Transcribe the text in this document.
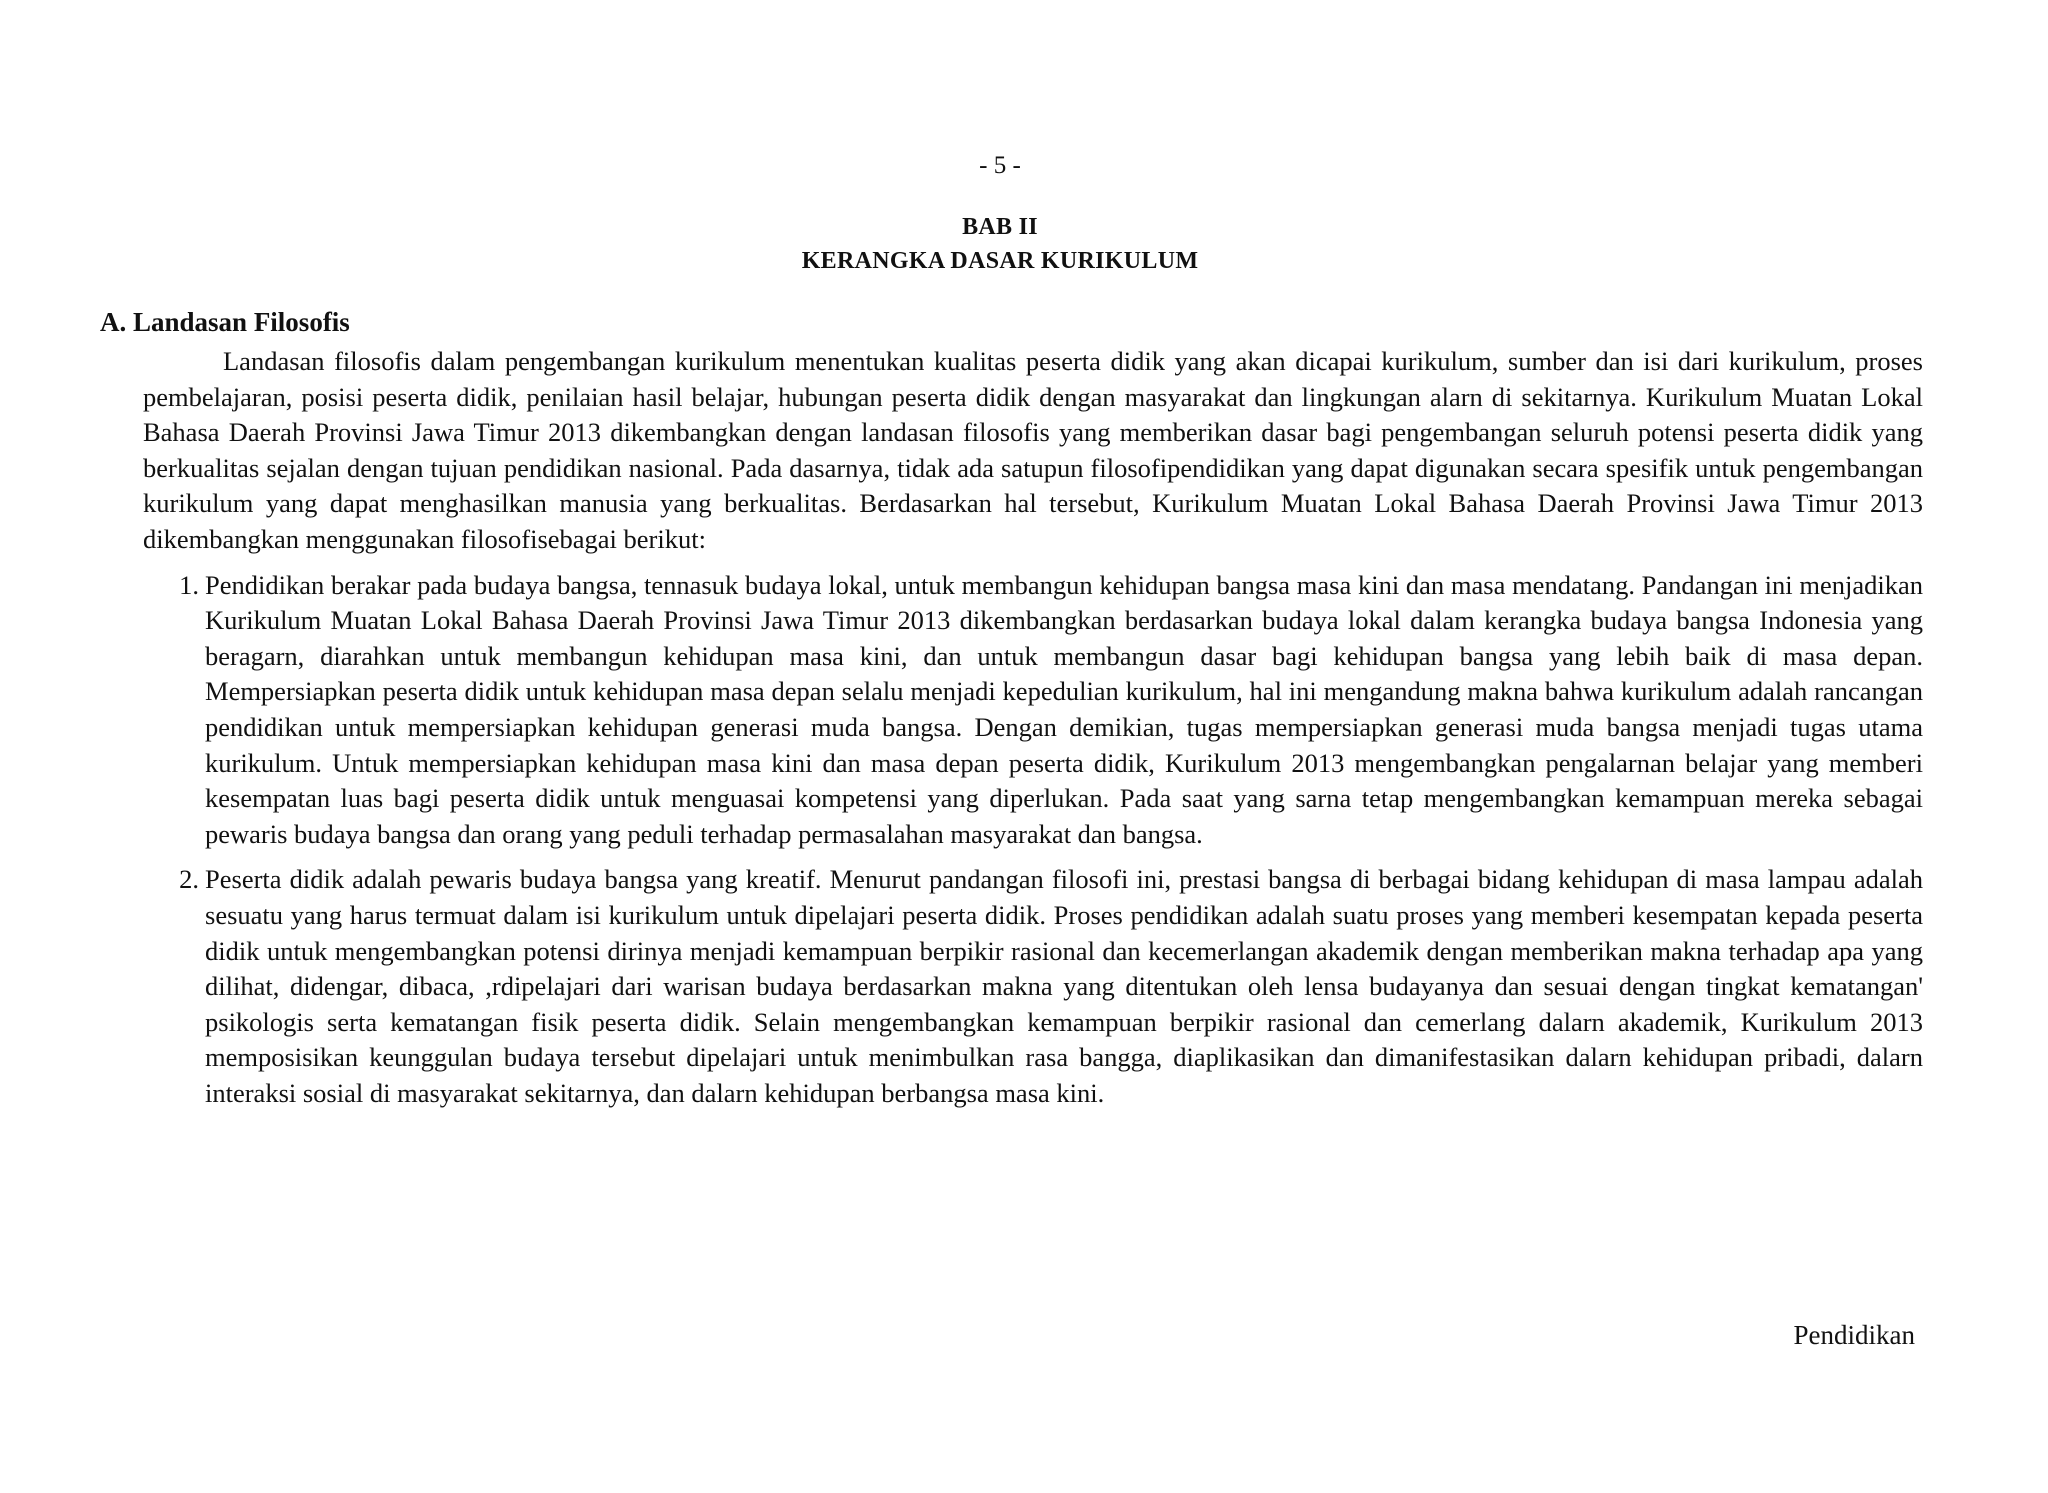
- 5 -
BAB II
KERANGKA DASAR KURIKULUM
A. Landasan Filosofis

Landasan filosofis dalam pengembangan kurikulum menentukan kualitas peserta didik yang akan dicapai kurikulum, sumber dan isi dari kurikulum, proses pembelajaran, posisi peserta didik, penilaian hasil belajar, hubungan peserta didik dengan masyarakat dan lingkungan alarn di sekitarnya. Kurikulum Muatan Lokal Bahasa Daerah Provinsi Jawa Timur 2013 dikembangkan dengan landasan filosofis yang memberikan dasar bagi pengembangan seluruh potensi peserta didik yang berkualitas sejalan dengan tujuan pendidikan nasional. Pada dasarnya, tidak ada satupun filosofipendidikan yang dapat digunakan secara spesifik untuk pengembangan kurikulum yang dapat menghasilkan manusia yang berkualitas. Berdasarkan hal tersebut, Kurikulum Muatan Lokal Bahasa Daerah Provinsi Jawa Timur 2013 dikembangkan menggunakan filosofisebagai berikut:

1. Pendidikan berakar pada budaya bangsa, tennasuk budaya lokal, untuk membangun kehidupan bangsa masa kini dan masa mendatang. Pandangan ini menjadikan Kurikulum Muatan Lokal Bahasa Daerah Provinsi Jawa Timur 2013 dikembangkan berdasarkan budaya lokal dalam kerangka budaya bangsa Indonesia yang beragarn, diarahkan untuk membangun kehidupan masa kini, dan untuk membangun dasar bagi kehidupan bangsa yang lebih baik di masa depan. Mempersiapkan peserta didik untuk kehidupan masa depan selalu menjadi kepedulian kurikulum, hal ini mengandung makna bahwa kurikulum adalah rancangan pendidikan untuk mempersiapkan kehidupan generasi muda bangsa. Dengan demikian, tugas mempersiapkan generasi muda bangsa menjadi tugas utama kurikulum. Untuk mempersiapkan kehidupan masa kini dan masa depan peserta didik, Kurikulum 2013 mengembangkan pengalarnan belajar yang memberi kesempatan luas bagi peserta didik untuk menguasai kompetensi yang diperlukan. Pada saat yang sarna tetap mengembangkan kemampuan mereka sebagai pewaris budaya bangsa dan orang yang peduli terhadap permasalahan masyarakat dan bangsa.
2. Peserta didik adalah pewaris budaya bangsa yang kreatif. Menurut pandangan filosofi ini, prestasi bangsa di berbagai bidang kehidupan di masa lampau adalah sesuatu yang harus termuat dalam isi kurikulum untuk dipelajari peserta didik. Proses pendidikan adalah suatu proses yang memberi kesempatan kepada peserta didik untuk mengembangkan potensi dirinya menjadi kemampuan berpikir rasional dan kecemerlangan akademik dengan memberikan makna terhadap apa yang dilihat, didengar, dibaca, ,rdipelajari dari warisan budaya berdasarkan makna yang ditentukan oleh lensa budayanya dan sesuai dengan tingkat kematangan' psikologis serta kematangan fisik peserta didik. Selain mengembangkan kemampuan berpikir rasional dan cemerlang dalarn akademik, Kurikulum 2013 memposisikan keunggulan budaya tersebut dipelajari untuk menimbulkan rasa bangga, diaplikasikan dan dimanifestasikan dalarn kehidupan pribadi, dalarn interaksi sosial di masyarakat sekitarnya, dan dalarn kehidupan berbangsa masa kini.
Pendidikan
